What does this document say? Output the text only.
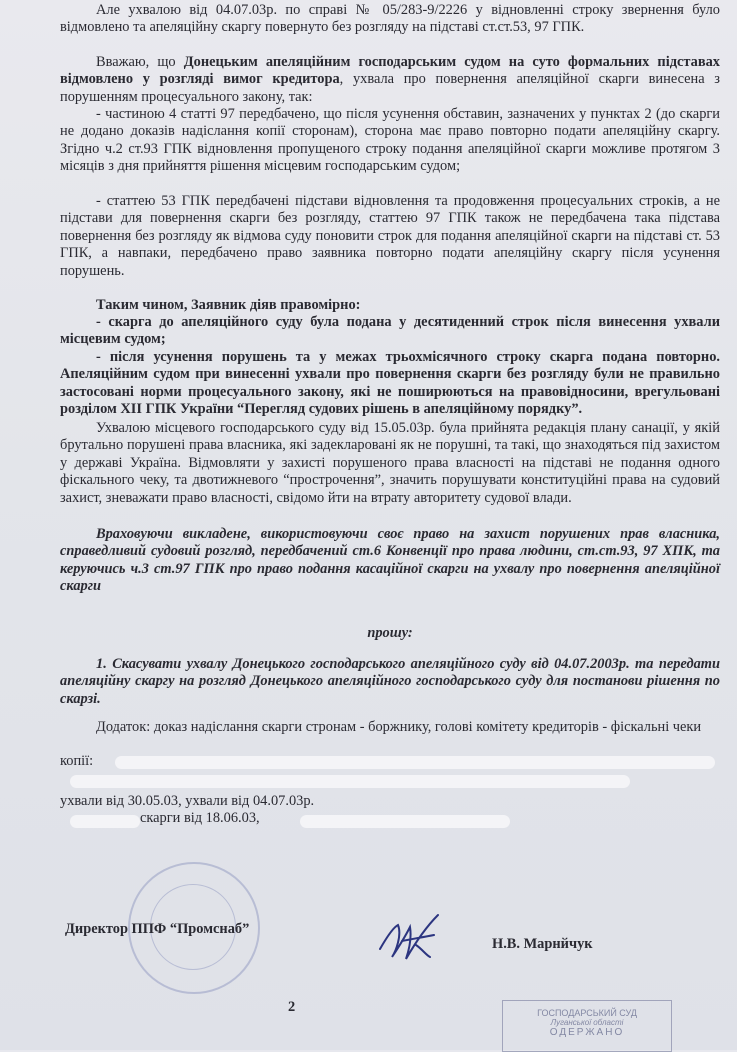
Але ухвалою від 04.07.03р. по справі № 05/283-9/2226 у відновленні строку звернення було відмовлено та апеляційну скаргу повернуто без розгляду на підставі ст.ст.53, 97 ГПК.

Вважаю, що Донецьким апеляційним господарським судом на суто формальних підставах відмовлено у розгляді вимог кредитора, ухвала про повернення апеляційної скарги винесена з порушенням процесуального закону, так:

- частиною 4 статті 97 передбачено, що після усунення обставин, зазначених у пунктах 2 (до скарги не додано доказів надіслання копії сторонам), сторона має право повторно подати апеляційну скаргу. Згідно ч.2 ст.93 ГПК відновлення пропущеного строку подання апеляційної скарги можливе протягом 3 місяців з дня прийняття рішення місцевим господарським судом;

- статтею 53 ГПК передбачені підстави відновлення та продовження процесуальних строків, а не підстави для повернення скарги без розгляду, статтею 97 ГПК також не передбачена така підстава повернення без розгляду як відмова суду поновити строк для подання апеляційної скарги на підставі ст. 53 ГПК, а навпаки, передбачено право заявника повторно подати апеляційну скаргу після усунення порушень.

Таким чином, Заявник діяв правомірно:

- скарга до апеляційного суду була подана у десятиденний строк після винесення ухвали місцевим судом;

- після усунення порушень та у межах трьохмісячного строку скарга подана повторно. Апеляційним судом при винесенні ухвали про повернення скарги без розгляду були не правильно застосовані норми процесуального закону, які не поширюються на правовідносини, врегульовані розділом XII ГПК України “Перегляд судових рішень в апеляційному порядку”.

Ухвалою місцевого господарського суду від 15.05.03р. була прийнята редакція плану санації, у якій брутально порушені права власника, які задекларовані як не порушні, та такі, що знаходяться під захистом у державі Україна. Відмовляти у захисті порушеного права власності на підставі не подання одного фіскального чеку, та двотижневого “прострочення”, значить порушувати конституційні права на судовий захист, зневажати право власності, свідомо йти на втрату авторитету судової влади.

Враховуючи викладене, використовуючи своє право на захист порушених прав власника, справедливий судовий розгляд, передбачений ст.6 Конвенції про права людини, ст.ст.93, 97 ХПК, та керуючись ч.3 ст.97 ГПК про право подання касаційної скарги на ухвалу про повернення апеляційної скарги

прошу:

1. Скасувати ухвалу Донецького господарського апеляційного суду від 04.07.2003р. та передати апеляційну скаргу на розгляд Донецького апеляційного господарського суду для постанови рішення по скарзі.

Додаток: доказ надіслання скарги стронам - боржнику, голові комітету кредиторів - фіскальні чеки

копії:

ухвали від 30.05.03, ухвали від 04.07.03р.

скарги від 18.06.03,

Директор ППФ “Промснаб”

Н.В. Марнйчук

2	ГОСПОДАРСЬКИЙ СУД
Луганської області
ОДЕРЖАНО
